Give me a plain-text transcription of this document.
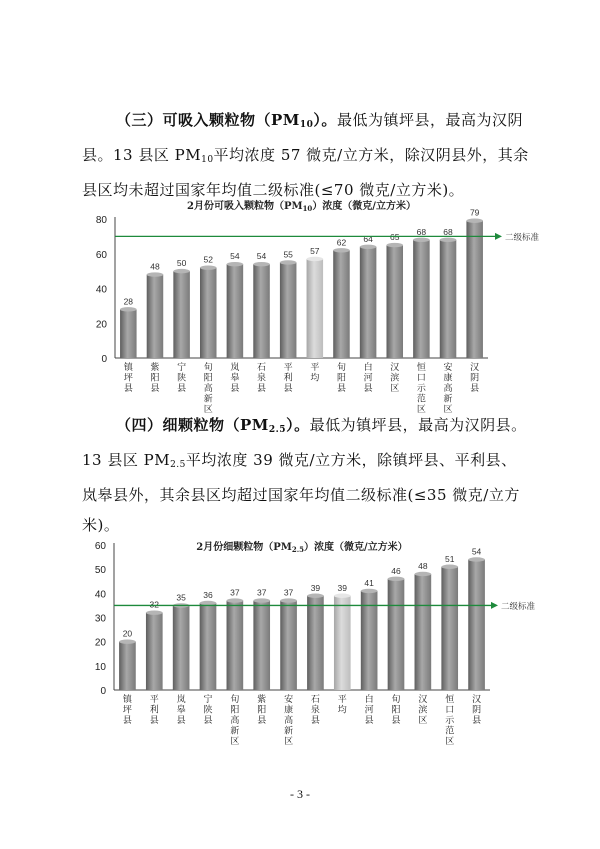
（三）可吸入颗粒物$(PM_{10})$。最低为镇坪县，最高为汉阴县。13 县区 $PM_{10}$平均浓度 57 微克/立方米，除汉阴县外，其余县区均未超过国家年均值二级标准(≤70 微克/立方米)。

2月份可吸入颗粒物$(PM_{10})$浓度（微克/立方米）
0
20
40
60
80
28
镇坪县
48
紫阳县
50
宁陕县
52
旬阳高新区
54
岚皋县
54
石泉县
55
平利县
57
平均
62
旬阳县
64
白河县
65
汉滨区
68
恒口示范区
68
安康高新区
79
汉阴县
二级标准

（四）细颗粒物$(PM_{2.5})$。最低为镇坪县，最高为汉阴县。13 县区 $PM_{2.5}$平均浓度 39 微克/立方米，除镇坪县、平利县、岚皋县外，其余县区均超过国家年均值二级标准(≤35 微克/立方米)。

2月份细颗粒物$(PM_{2.5})$浓度（微克/立方米）
0
10
20
30
40
50
60
20
镇坪县
32
平利县
35
岚皋县
36
宁陕县
37
旬阳高新区
37
紫阳县
37
安康高新区
39
石泉县
39
平均
41
白河县
46
旬阳县
48
汉滨区
51
恒口示范区
54
汉阴县
二级标准
- 3 -
